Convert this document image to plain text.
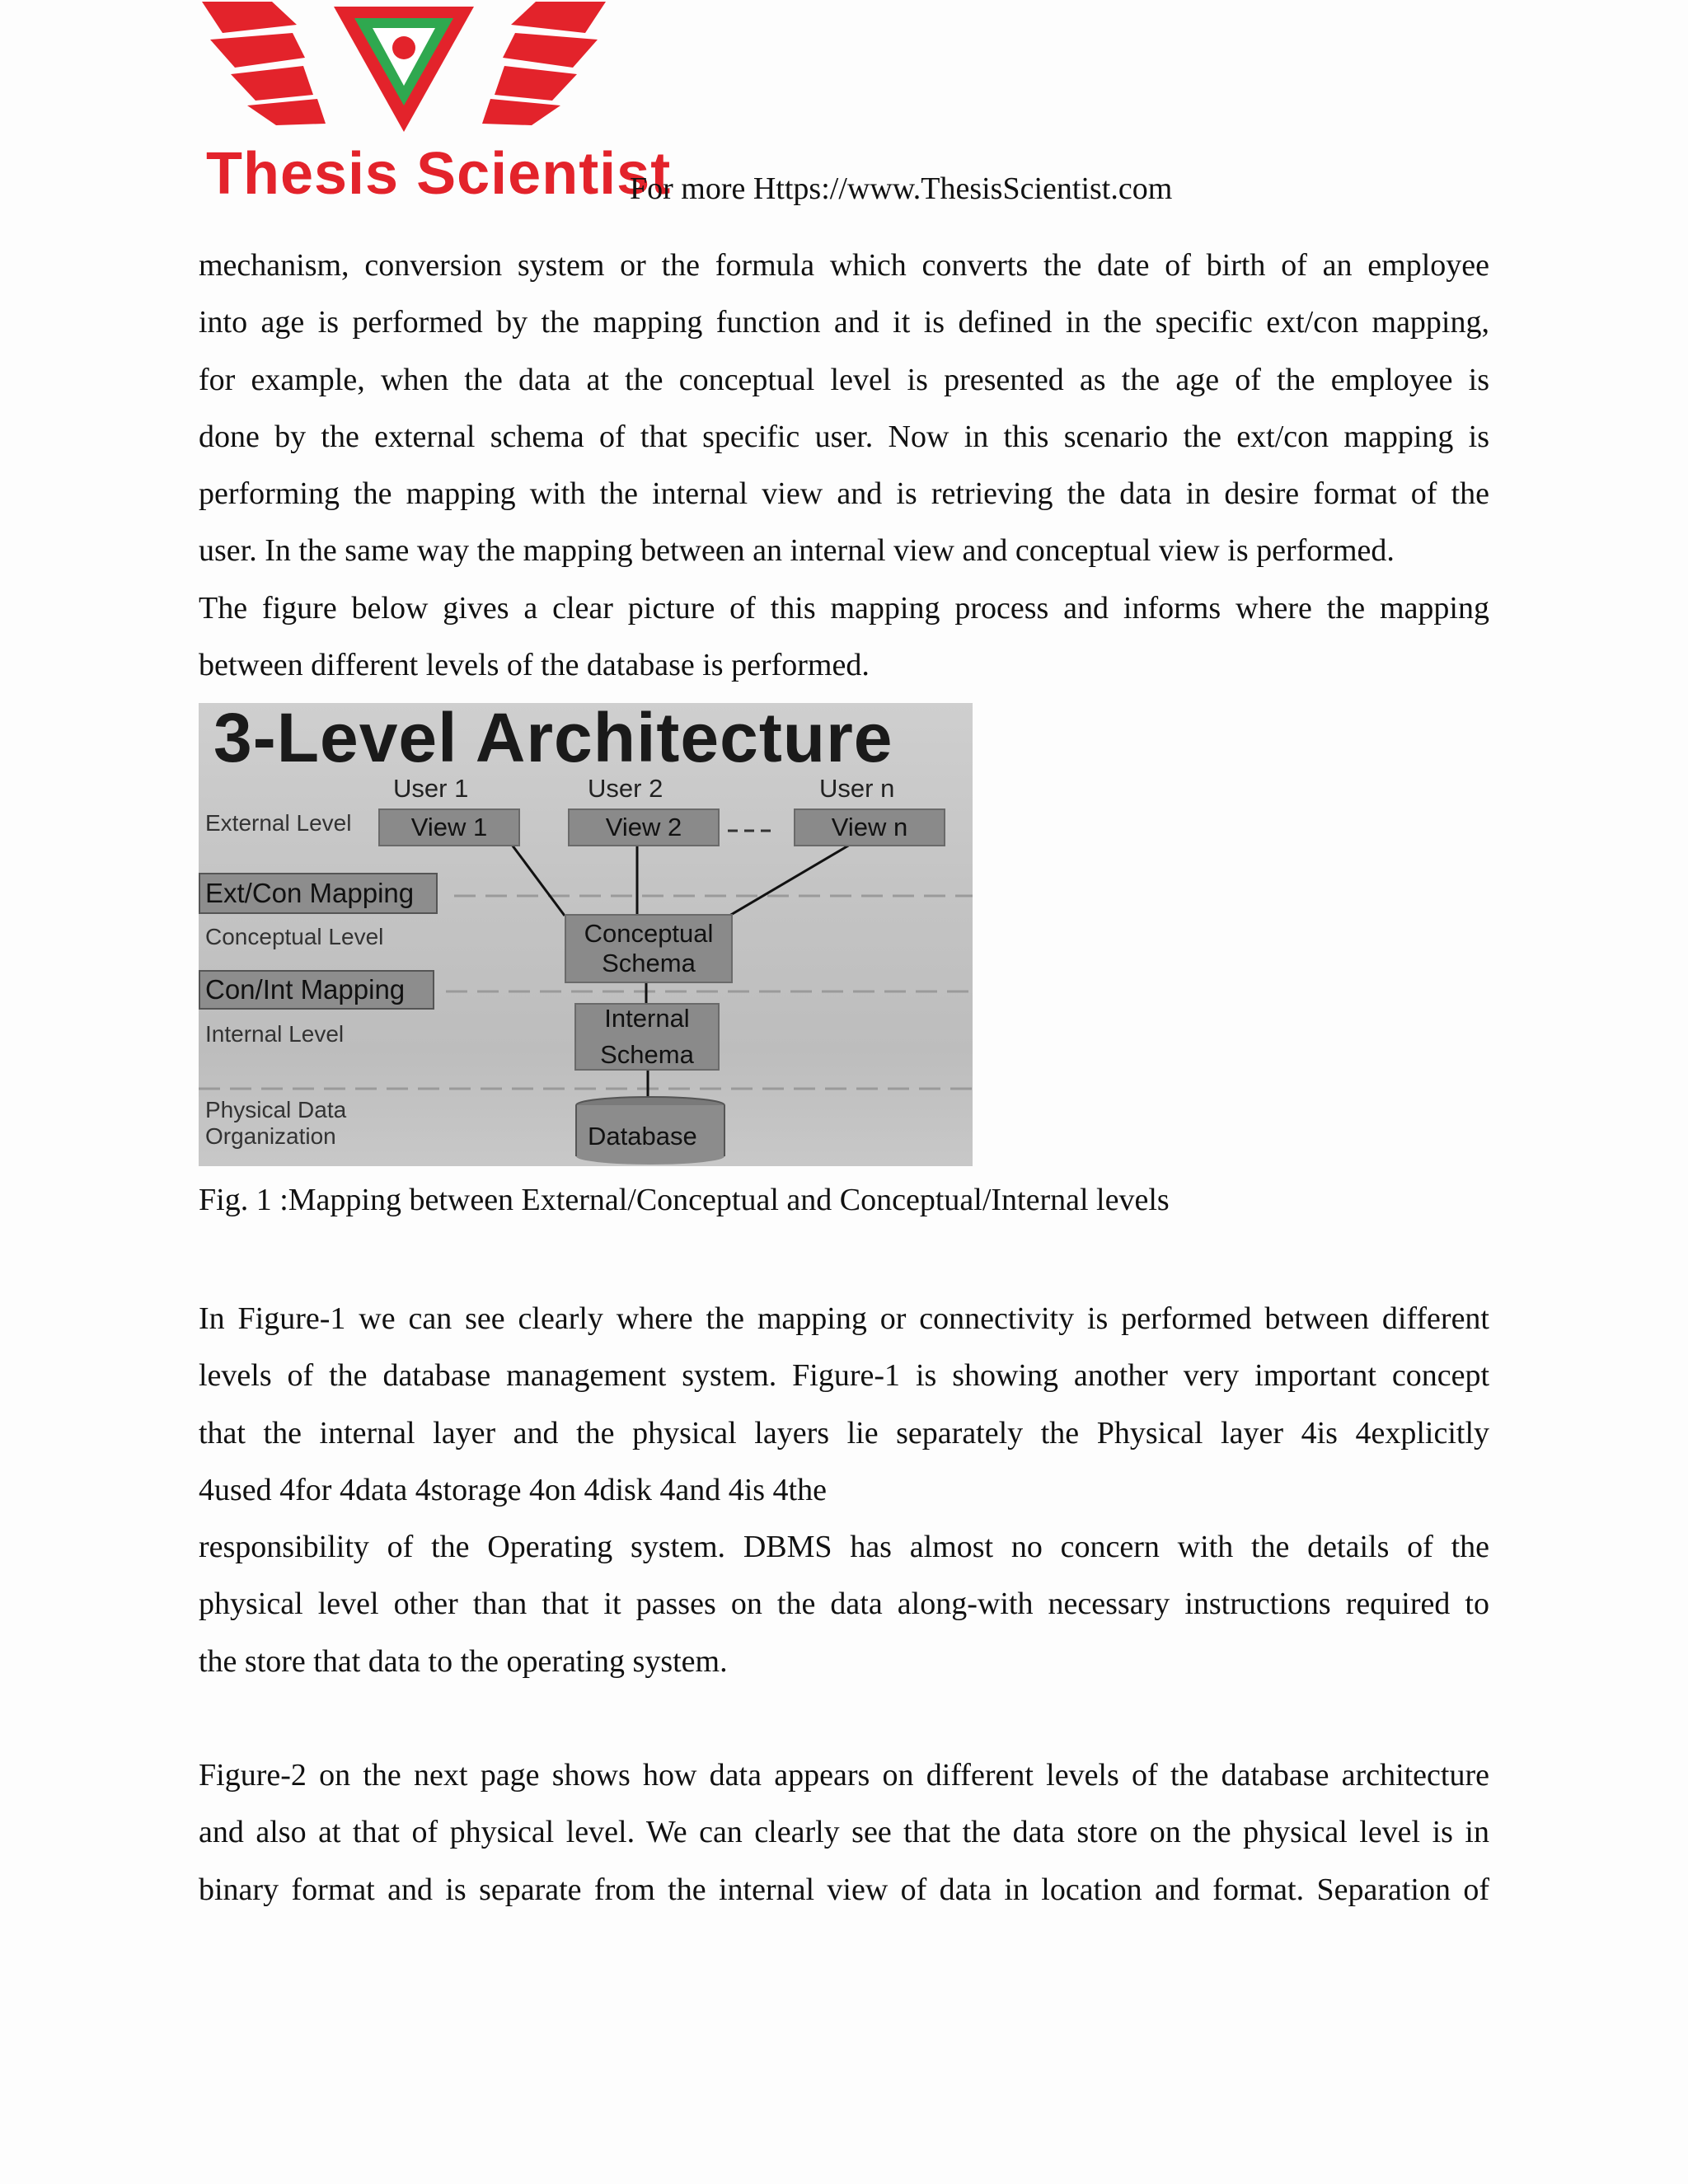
Thesis Scientist
For more Https://www.ThesisScientist.com
mechanism, conversion system or the formula which converts the date of birth of an employee
into age is performed by the mapping function and it is defined in the specific ext/con mapping,
for example, when the data at the conceptual level is presented as the age of the employee is
done by the external schema of that specific user. Now in this scenario the ext/con mapping is
performing the mapping with the internal view and is retrieving the data in desire format of the
user. In the same way the mapping between an internal view and conceptual view is performed.
The figure below gives a clear picture of this mapping process and informs where the mapping
between different levels of the database is performed.
3-Level Architecture
User 1	User 2	User n
External Level	View 1	View 2	View n
Ext/Con Mapping
Conceptual Level	Conceptual
Schema
Con/Int Mapping
Internal Level
Internal
Schema
Physical Data
Organization	Database
Fig. 1 :Mapping between External/Conceptual and Conceptual/Internal levels
In Figure-1 we can see clearly where the mapping or connectivity is performed between different
levels of the database management system. Figure-1 is showing another very important concept
that the internal layer and the physical layers lie separately the Physical layer 4is 4explicitly
4used 4for 4data 4storage 4on 4disk 4and 4is 4the
responsibility of the Operating system. DBMS has almost no concern with the details of the
physical level other than that it passes on the data along-with necessary instructions required to
the store that data to the operating system.
Figure-2 on the next page shows how data appears on different levels of the database architecture
and also at that of physical level. We can clearly see that the data store on the physical level is in
binary format and is separate from the internal view of data in location and format. Separation of
